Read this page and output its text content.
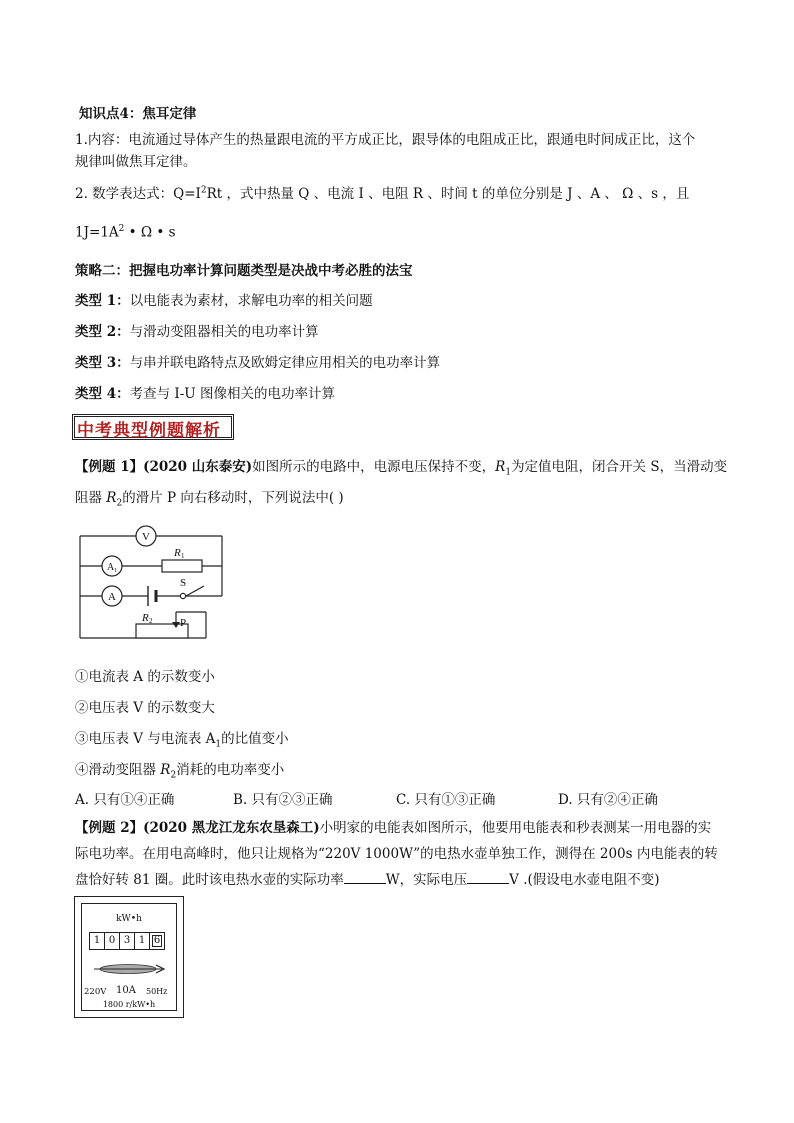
知识点4：焦耳定律
1.内容：电流通过导体产生的热量跟电流的平方成正比，跟导体的电阻成正比，跟通电时间成正比，这个
规律叫做焦耳定律。
2. 数学表达式：$Q=I^2Rt$ ，式中热量 Q 、电流 I 、电阻 R 、时间 t 的单位分别是 J 、A 、 Ω 、s ，且
$1J=1A^2$ • Ω • s
策略二：把握电功率计算问题类型是决战中考必胜的法宝
类型 1：以电能表为素材，求解电功率的相关问题
类型 2：与滑动变阻器相关的电功率计算
类型 3：与串并联电路特点及欧姆定律应用相关的电功率计算
类型 4：考查与 I-U 图像相关的电功率计算
中考典型例题解析
【例题 1】(2020 山东泰安)如图所示的电路中，电源电压保持不变，$R_1$为定值电阻，闭合开关 S，当滑动变
阻器 $R_2$的滑片 P 向右移动时，下列说法中( )
V
A 1
A
R 1
S
R 2	P
①电流表 A 的示数变小
②电压表 V 的示数变大
③电压表 V 与电流表 $A_1$的比值变小
④滑动变阻器 $R_2$消耗的电功率变小
A. 只有①④正确	B. 只有②③正确	C. 只有①③正确	D. 只有②④正确
【例题 2】(2020 黑龙江龙东农垦森工)小明家的电能表如图所示，他要用电能表和秒表测某一用电器的实
际电功率。在用电高峰时，他只让规格为“220V 1000W”的电热水壶单独工作，测得在 200s 内电能表的转
盘恰好转 81 圈。此时该电热水壶的实际功率	W，实际电压	V .(假设电水壶电阻不变)
kW•h
1 0 3 1 6
220V 10A 50Hz
1800 r/kW•h
